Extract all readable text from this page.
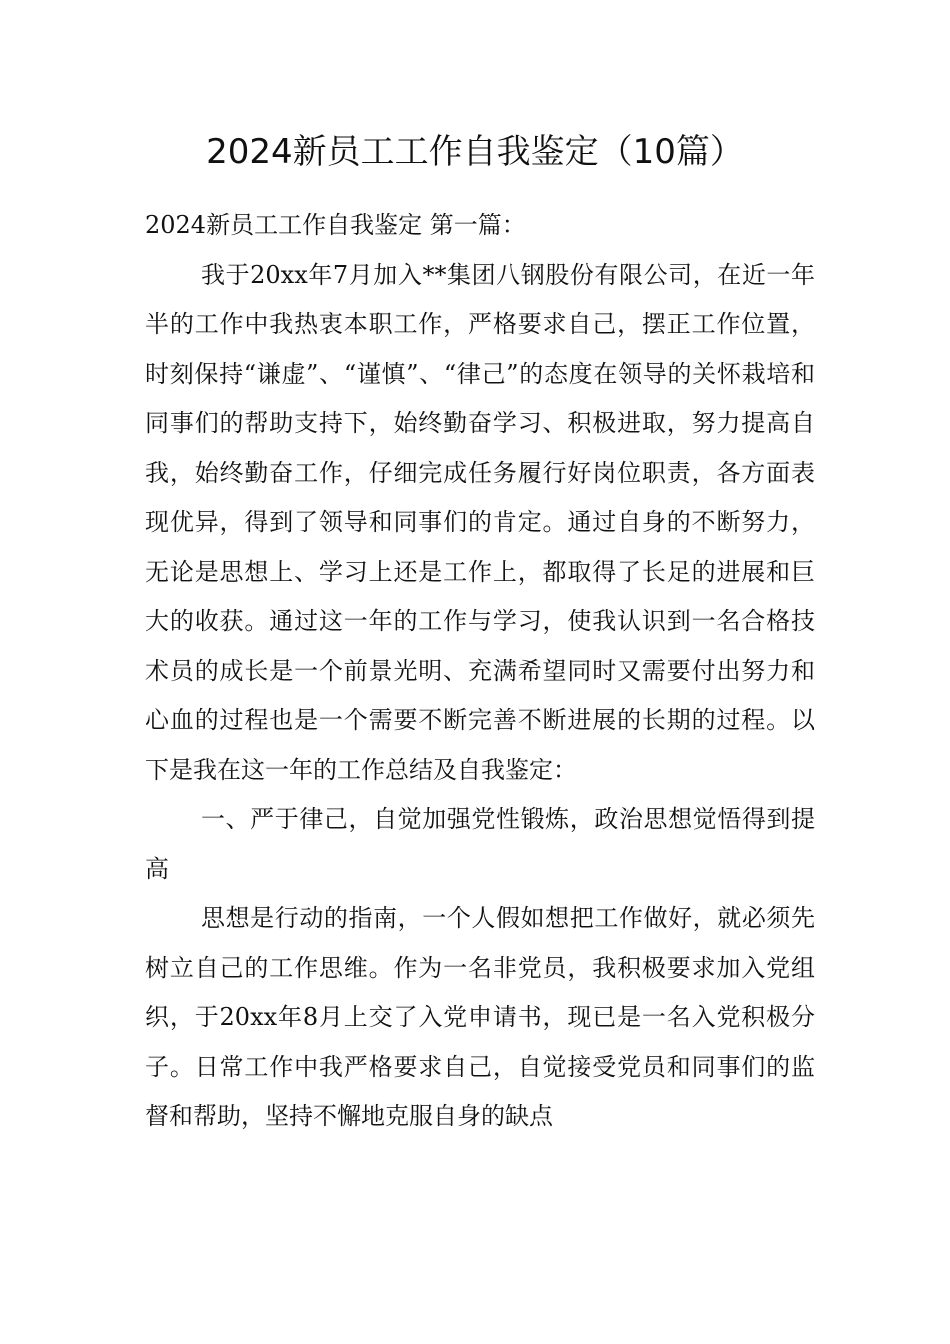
2024新员工工作自我鉴定（10篇）

2024新员工工作自我鉴定 第一篇：

我于20xx年7月加入**集团八钢股份有限公司，在近一年半的工作中我热衷本职工作，严格要求自己，摆正工作位置，时刻保持“谦虚”、“谨慎”、“律己”的态度在领导的关怀栽培和同事们的帮助支持下，始终勤奋学习、积极进取，努力提高自我，始终勤奋工作，仔细完成任务履行好岗位职责，各方面表现优异，得到了领导和同事们的肯定。通过自身的不断努力，无论是思想上、学习上还是工作上，都取得了长足的进展和巨大的收获。通过这一年的工作与学习，使我认识到一名合格技术员的成长是一个前景光明、充满希望同时又需要付出努力和心血的过程也是一个需要不断完善不断进展的长期的过程。以下是我在这一年的工作总结及自我鉴定：

一、严于律己，自觉加强党性锻炼，政治思想觉悟得到提高

思想是行动的指南，一个人假如想把工作做好，就必须先树立自己的工作思维。作为一名非党员，我积极要求加入党组织，于20xx年8月上交了入党申请书，现已是一名入党积极分子。日常工作中我严格要求自己，自觉接受党员和同事们的监督和帮助，坚持不懈地克服自身的缺点
